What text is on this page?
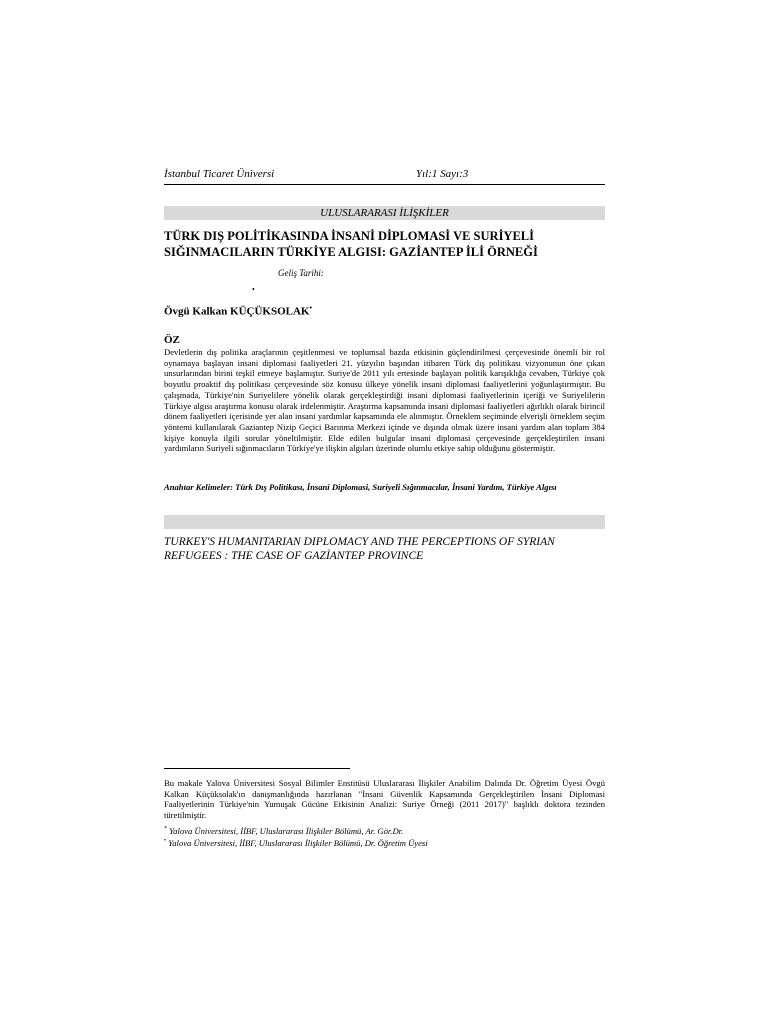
İstanbul Ticaret Üniversi	Yıl:1 Sayı:3
ULUSLARARASI İLİŞKİLER
TÜRK DIŞ POLİTİKASINDA İNSANİ DİPLOMASİ VE SURİYELİ SIĞINMACILARIN TÜRKİYE ALGISI: GAZİANTEP İLİ ÖRNEĞİ
Geliş Tarihi:
•
Övgü Kalkan KÜÇÜKSOLAK•
ÖZ

Devletlerin dış politika araçlarının çeşitlenmesi ve toplumsal bazda etkisinin güçlendirilmesi çerçevesinde önemli bir rol oynamaya başlayan insani diplomasi faaliyetleri 21. yüzyılın başından itibaren Türk dış politikası vizyonunun öne çıkan unsurlarından birini teşkil etmeye başlamıştır. Suriye'de 2011 yılı ertesinde başlayan politik karışıklığa cevaben, Türkiye çok boyutlu proaktif dış politikası çerçevesinde söz konusu ülkeye yönelik insani diplomasi faaliyetlerini yoğunlaştırmıştır. Bu çalışmada, Türkiye'nin Suriyelilere yönelik olarak gerçekleştirdiği insani diplomasi faaliyetlerinin içeriği ve Suriyelilerin Türkiye algısı araştırma konusu olarak irdelenmiştir. Araştırma kapsamında insani diplomasi faaliyetleri ağırlıklı olarak birincil dönem faaliyetleri içerisinde yer alan insani yardımlar kapsamında ele alınmıştır. Örneklem seçiminde elverişli örneklem seçim yöntemi kullanılarak Gaziantep Nizip Geçici Barınma Merkezi içinde ve dışında olmak üzere insani yardım alan toplam 384 kişiye konuyla ilgili sorular yöneltilmiştir. Elde edilen bulgular insani diplomasi çerçevesinde gerçekleştirilen insani yardımların Suriyeli sığınmacıların Türkiye'ye ilişkin algıları üzerinde olumlu etkiye sahip olduğunu göstermiştir.

Anahtar Kelimeler: Türk Dış Politikası, İnsani Diplomasi, Suriyeli Sığınmacılar, İnsani Yardım, Türkiye Algısı

TURKEY'S HUMANITARIAN DIPLOMACY AND THE PERCEPTIONS OF SYRIAN REFUGEES : THE CASE OF GAZİANTEP PROVINCE

Bu makale Yalova Üniversitesi Sosyal Bilimler Enstitüsü Uluslararası İlişkiler Anabilim Dalında Dr. Öğretim Üyesi Övgü Kalkan Küçüksolak'ın danışmanlığında hazırlanan "İnsani Güvenlik Kapsamında Gerçekleştirilen İnsani Diplomasi Faaliyetlerinin Türkiye'nin Yumuşak Gücüne Etkisinin Analizi: Suriye Örneği (2011 2017)" başlıklı doktora tezinden türetilmiştir.

* Yalova Üniversitesi, İİBF, Uluslararası İlişkiler Bölümü, Ar. Gör.Dr.

• Yalova Üniversitesi, İİBF, Uluslararası İlişkiler Bölümü, Dr. Öğretim Üyesi
